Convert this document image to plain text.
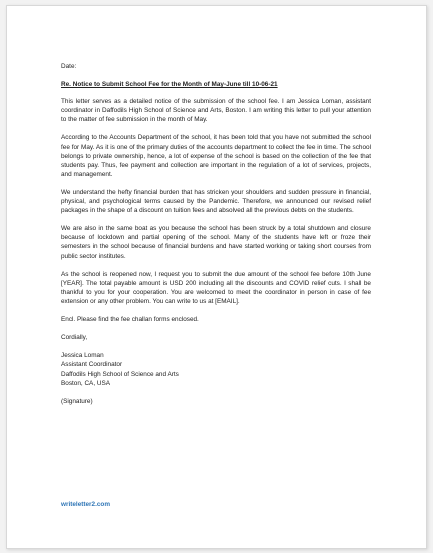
Date:

Re. Notice to Submit School Fee for the Month of May-June till 10-06-21

This letter serves as a detailed notice of the submission of the school fee. I am Jessica Loman, assistant coordinator in Daffodils High School of Science and Arts, Boston. I am writing this letter to pull your attention to the matter of fee submission in the month of May.

According to the Accounts Department of the school, it has been told that you have not submitted the school fee for May. As it is one of the primary duties of the accounts department to collect the fee in time. The school belongs to private ownership, hence, a lot of expense of the school is based on the collection of the fee that students pay. Thus, fee payment and collection are important in the regulation of a lot of services, projects, and management.

We understand the hefty financial burden that has stricken your shoulders and sudden pressure in financial, physical, and psychological terms caused by the Pandemic. Therefore, we announced our revised relief packages in the shape of a discount on tuition fees and absolved all the previous debts on the students.

We are also in the same boat as you because the school has been struck by a total shutdown and closure because of lockdown and partial opening of the school. Many of the students have left or froze their semesters in the school because of financial burdens and have started working or taking short courses from public sector institutes.

As the school is reopened now, I request you to submit the due amount of the school fee before 10th June [YEAR]. The total payable amount is USD 200 including all the discounts and COVID relief cuts. I shall be thankful to you for your cooperation. You are welcomed to meet the coordinator in person in case of fee extension or any other problem. You can write to us at [EMAIL].

Encl. Please find the fee challan forms enclosed.

Cordially,

Jessica Loman
Assistant Coordinator
Daffodils High School of Science and Arts
Boston, CA, USA
(Signature)
writeletter2.com
